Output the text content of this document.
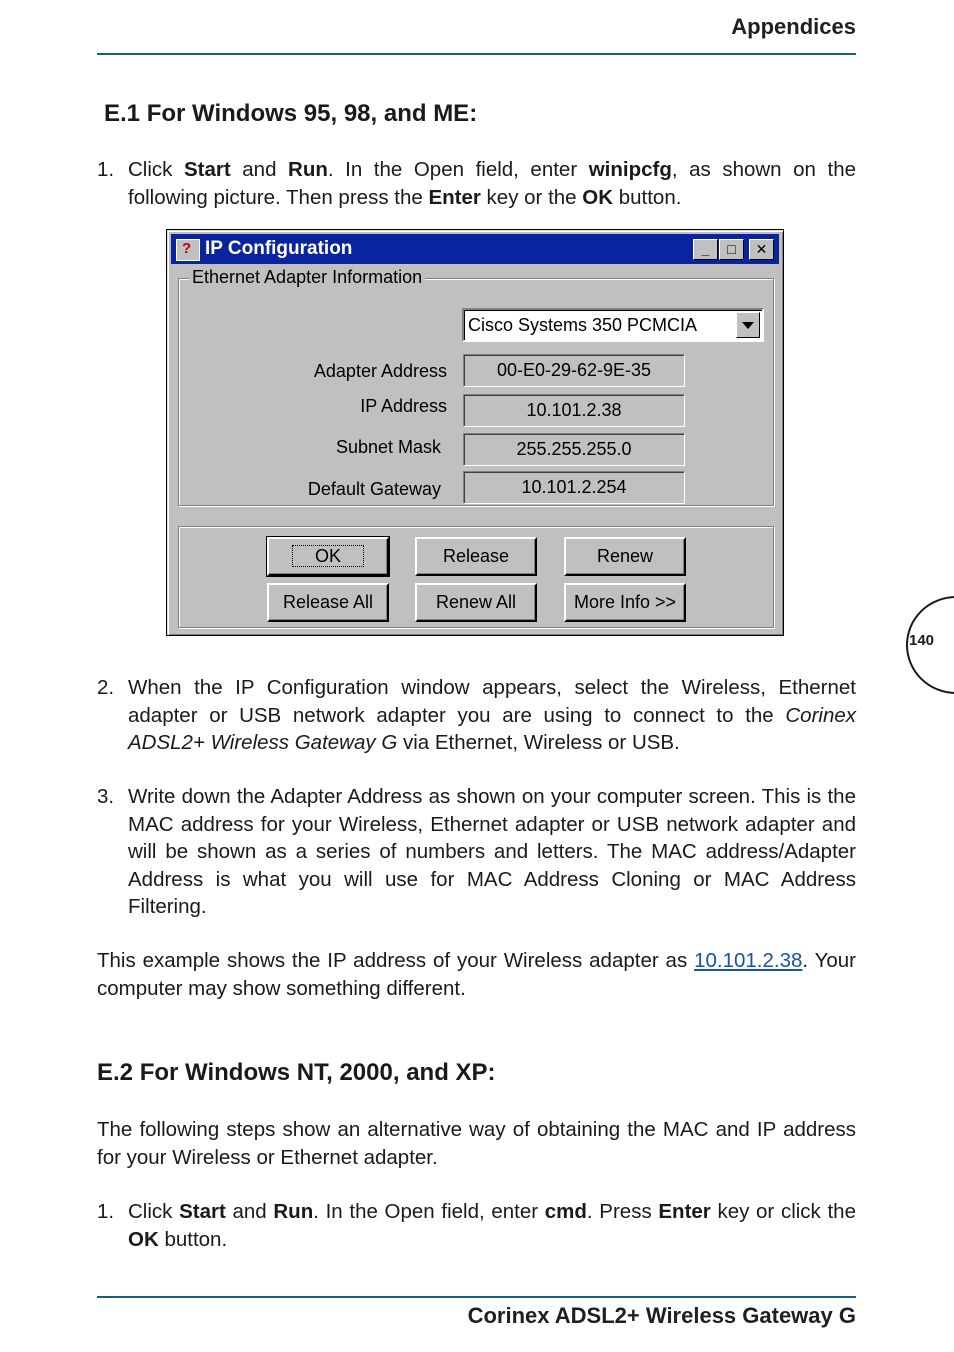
Appendices
140
E.1 For Windows 95, 98, and ME:
1. Click Start and Run. In the Open field, enter winipcfg, as shown on the following picture. Then press the Enter key or the OK button.
? IP Configuration	_	□	✕
Ethernet Adapter Information
Cisco Systems 350 PCMCIA
Adapter Address	00-E0-29-62-9E-35
IP Address	10.101.2.38
Subnet Mask	255.255.255.0
Default Gateway	10.101.2.254
OK	Release	Renew
Release All	Renew All	More Info >>
2. When the IP Configuration window appears, select the Wireless, Ethernet adapter or USB network adapter you are using to connect to the Corinex ADSL2+ Wireless Gateway G via Ethernet, Wireless or USB.
3. Write down the Adapter Address as shown on your computer screen. This is the MAC address for your Wireless, Ethernet adapter or USB network adapter and will be shown as a series of numbers and letters. The MAC address/Adapter Address is what you will use for MAC Address Cloning or MAC Address Filtering.

This example shows the IP address of your Wireless adapter as 10.101.2.38. Your computer may show something different.

E.2 For Windows NT, 2000, and XP:

The following steps show an alternative way of obtaining the MAC and IP address for your Wireless or Ethernet adapter.

1. Click Start and Run. In the Open field, enter cmd. Press Enter key or click the OK button.
Corinex ADSL2+ Wireless Gateway G
